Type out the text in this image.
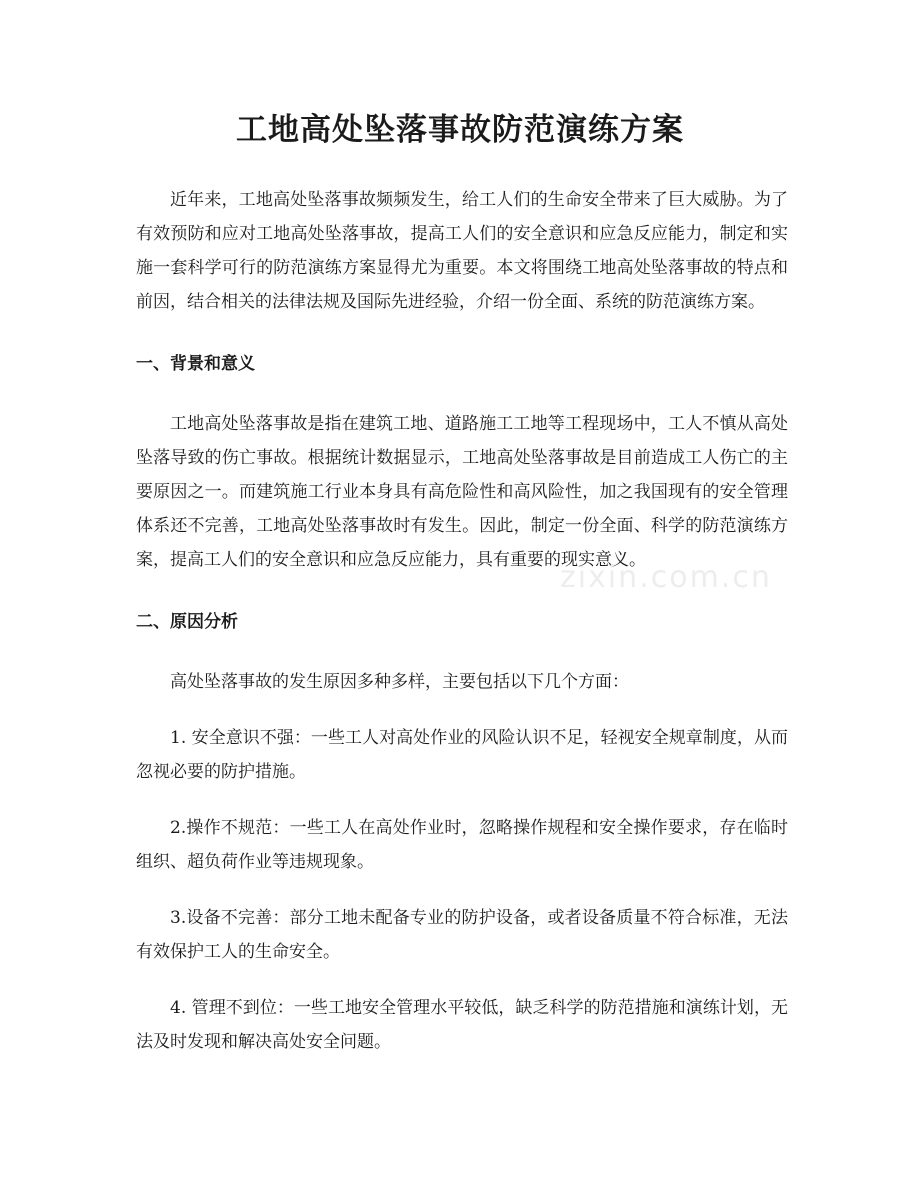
工地高处坠落事故防范演练方案

近年来，工地高处坠落事故频频发生，给工人们的生命安全带来了巨大威胁。为了有效预防和应对工地高处坠落事故，提高工人们的安全意识和应急反应能力，制定和实施一套科学可行的防范演练方案显得尤为重要。本文将围绕工地高处坠落事故的特点和前因，结合相关的法律法规及国际先进经验，介绍一份全面、系统的防范演练方案。

一、背景和意义

工地高处坠落事故是指在建筑工地、道路施工工地等工程现场中，工人不慎从高处坠落导致的伤亡事故。根据统计数据显示，工地高处坠落事故是目前造成工人伤亡的主要原因之一。而建筑施工行业本身具有高危险性和高风险性，加之我国现有的安全管理体系还不完善，工地高处坠落事故时有发生。因此，制定一份全面、科学的防范演练方案，提高工人们的安全意识和应急反应能力，具有重要的现实意义。

二、原因分析

高处坠落事故的发生原因多种多样，主要包括以下几个方面：

1. 安全意识不强：一些工人对高处作业的风险认识不足，轻视安全规章制度，从而忽视必要的防护措施。

2.操作不规范：一些工人在高处作业时，忽略操作规程和安全操作要求，存在临时组织、超负荷作业等违规现象。

3.设备不完善：部分工地未配备专业的防护设备，或者设备质量不符合标准，无法有效保护工人的生命安全。

4. 管理不到位：一些工地安全管理水平较低，缺乏科学的防范措施和演练计划，无法及时发现和解决高处安全问题。

zixin.com.cn
